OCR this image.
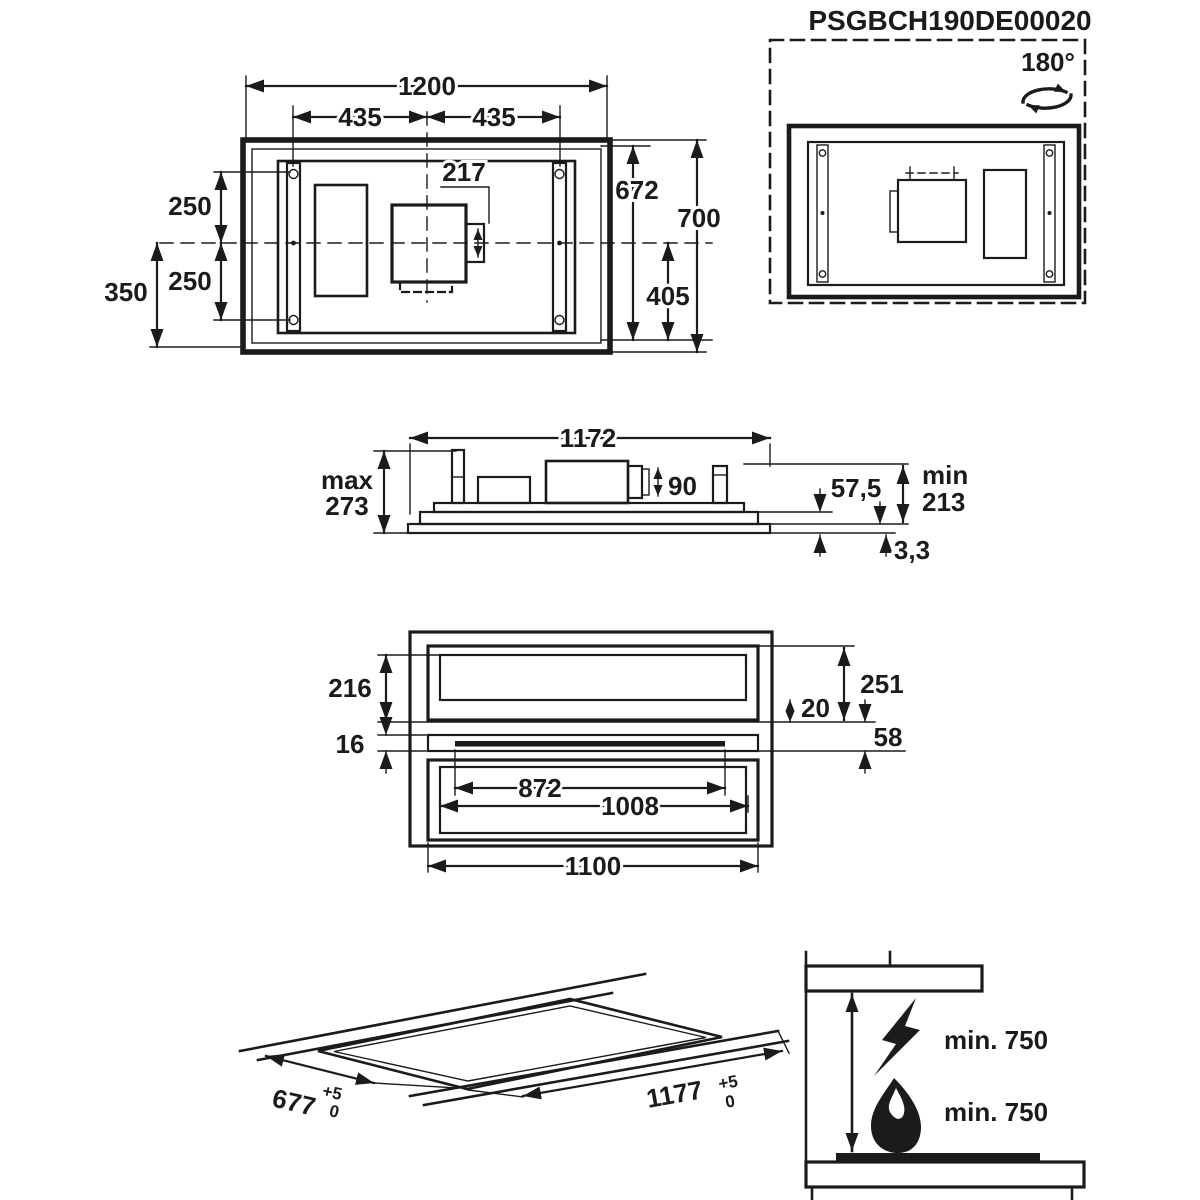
217
1200
435	435
672
700
405
250
250
350
PSGBCH190DE00020
180°
1172
max
273
90	57,5 min
213
3,3
216
16
872
1008
1100
251
20
58
677 +5
0	1177 +5
0
min. 750
min. 750
